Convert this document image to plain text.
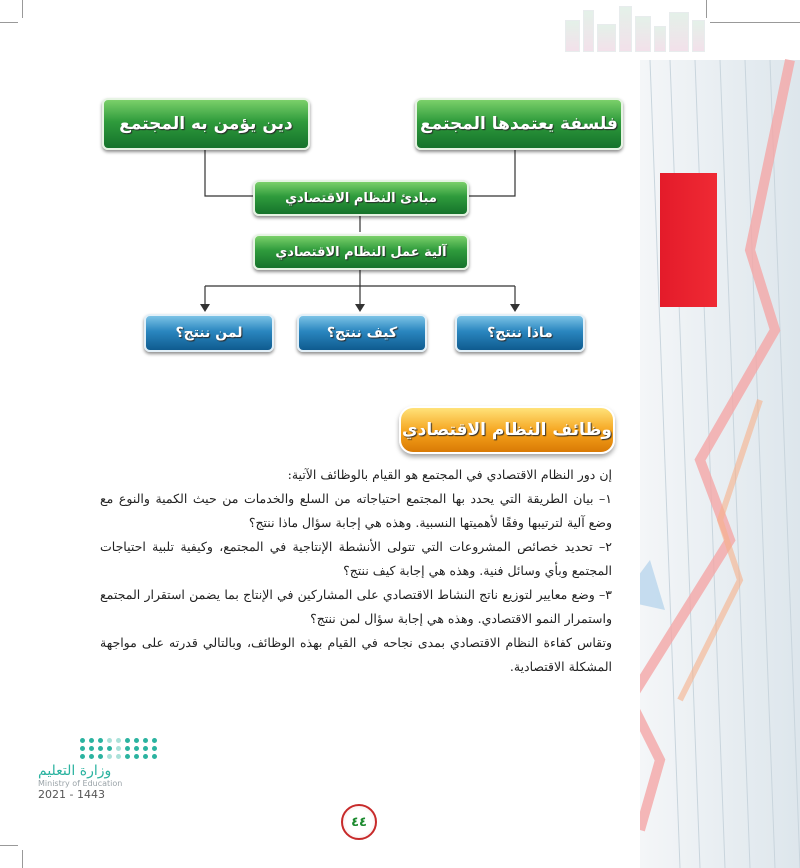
فلسفة يعتمدها المجتمع
دين يؤمن به المجتمع
مبادئ النظام الاقتصادي
آلية عمل النظام الاقتصادي
ماذا ننتج؟
كيف ننتج؟
لمن ننتج؟
وظائف النظام الاقتصادي

إن دور النظام الاقتصادي في المجتمع هو القيام بالوظائف الآتية:

١– بيان الطريقة التي يحدد بها المجتمع احتياجاته من السلع والخدمات من حيث الكمية والنوع مع وضع آلية لترتيبها وفقًا لأهميتها النسبية. وهذه هي إجابة سؤال ماذا ننتج؟

٢– تحديد خصائص المشروعات التي تتولى الأنشطة الإنتاجية في المجتمع، وكيفية تلبية احتياجات المجتمع وبأي وسائل فنية. وهذه هي إجابة كيف ننتج؟

٣– وضع معايير لتوزيع ناتج النشاط الاقتصادي على المشاركين في الإنتاج بما يضمن استقرار المجتمع واستمرار النمو الاقتصادي. وهذه هي إجابة سؤال لمن ننتج؟

وتقاس كفاءة النظام الاقتصادي بمدى نجاحه في القيام بهذه الوظائف، وبالتالي قدرته على مواجهة المشكلة الاقتصادية.

وزارة التعليم
Ministry of Education
2021 - 1443
٤٤
